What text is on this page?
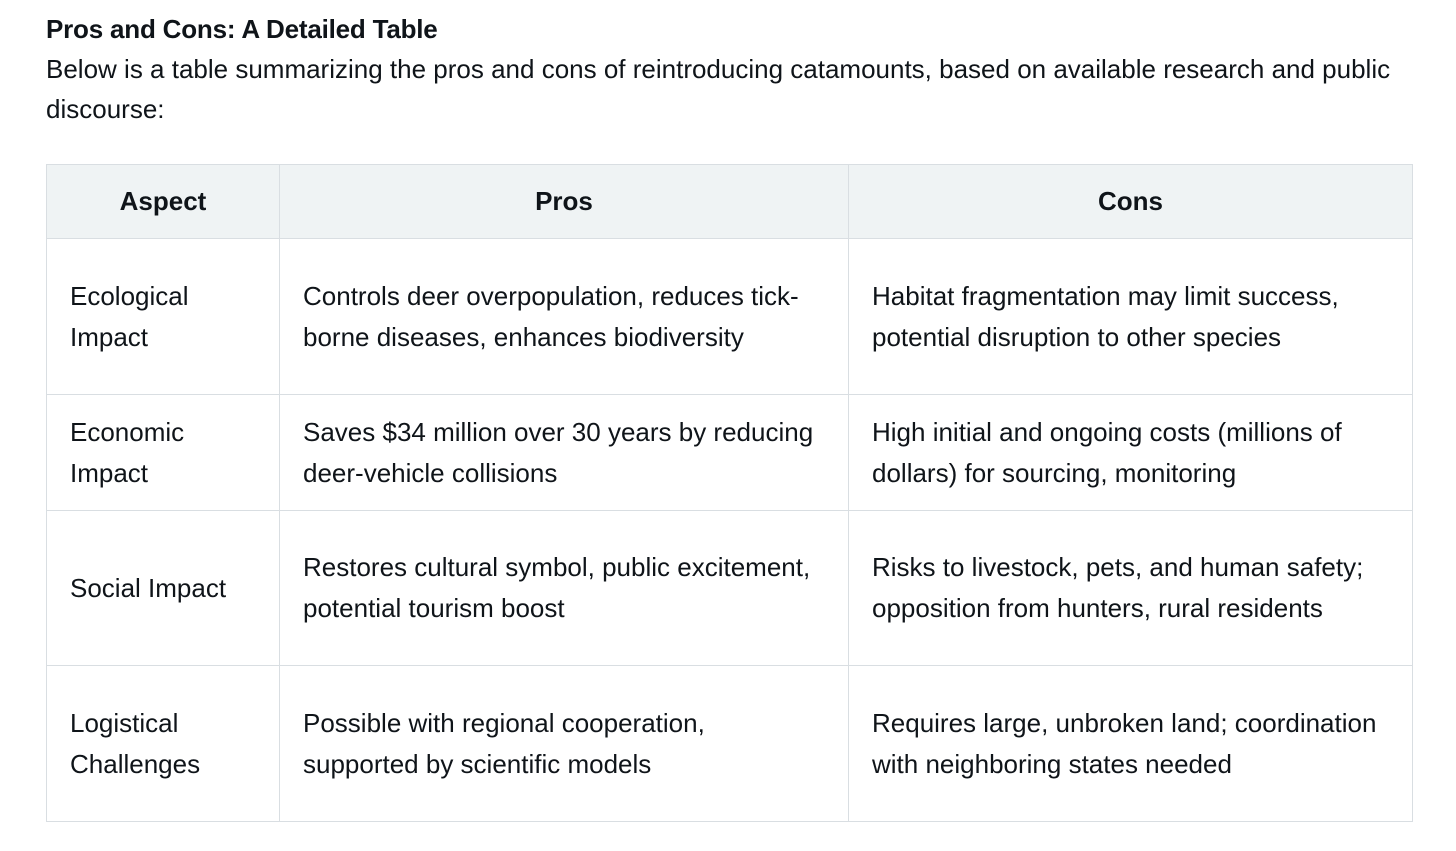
Pros and Cons: A Detailed Table

Below is a table summarizing the pros and cons of reintroducing catamounts, based on available research and public discourse:

Aspect	Pros	Cons
Ecological Impact	Controls deer overpopulation, reduces tick-borne diseases, enhances biodiversity	Habitat fragmentation may limit success, potential disruption to other species
Economic Impact	Saves $34 million over 30 years by reducing deer-vehicle collisions	High initial and ongoing costs (millions of dollars) for sourcing, monitoring
Social Impact	Restores cultural symbol, public excitement, potential tourism boost	Risks to livestock, pets, and human safety; opposition from hunters, rural residents
Logistical Challenges	Possible with regional cooperation, supported by scientific models	Requires large, unbroken land; coordination with neighboring states needed
